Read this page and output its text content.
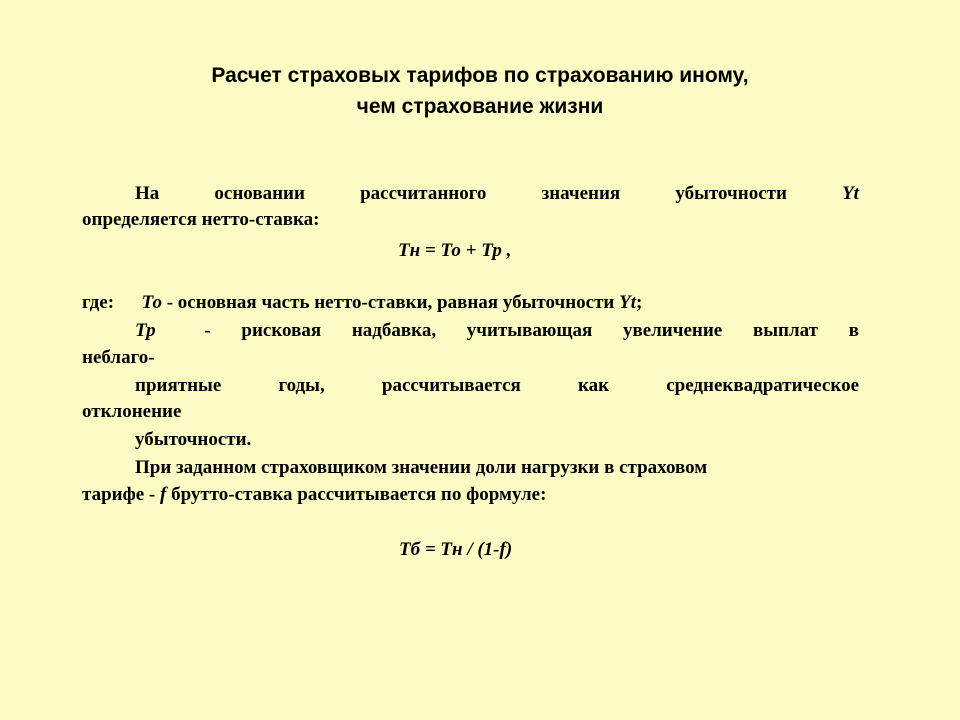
Расчет страховых тарифов по страхованию иному,
чем страхование жизни
На	основании	рассчитанного	значения	убыточности	Yt
определяется нетто-ставка:
Тн = То + Тр ,
где: То - основная часть нетто-ставки, равная убыточности Yt;
Тр	- рисковая надбавка, учитывающая увеличение выплат в
неблаго-
приятные	годы,	рассчитывается	как	среднеквадратическое
отклонение
убыточности.
При заданном страховщиком значении доли нагрузки в страховом
тарифе - f брутто-ставка рассчитывается по формуле:
Тб = Тн / (1-f)
